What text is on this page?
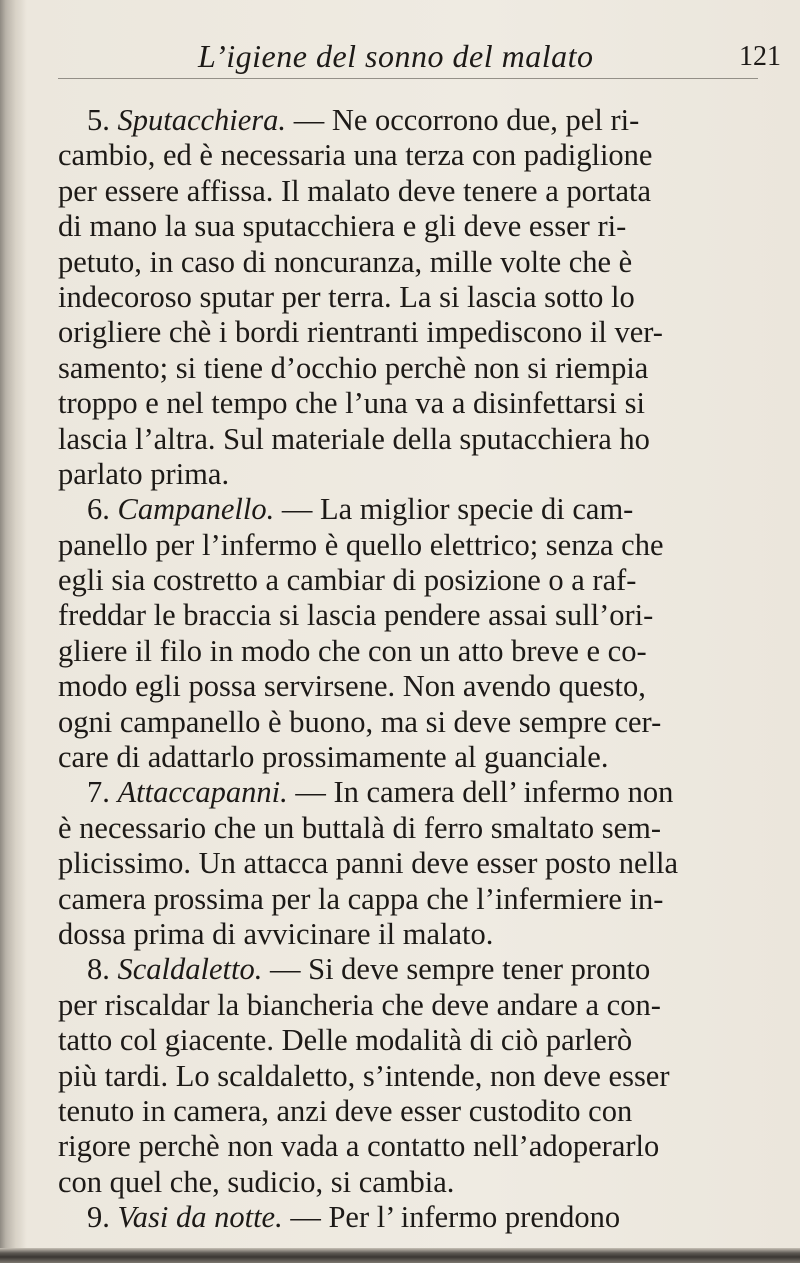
L’igiene del sonno del malato	121
5. Sputacchiera. — Ne occorrono due, pel ri-
cambio, ed è necessaria una terza con padiglione
per essere affissa. Il malato deve tenere a portata
di mano la sua sputacchiera e gli deve esser ri-
petuto, in caso di noncuranza, mille volte che è
indecoroso sputar per terra. La si lascia sotto lo
origliere chè i bordi rientranti impediscono il ver-
samento; si tiene d’occhio perchè non si riempia
troppo e nel tempo che l’una va a disinfettarsi si
lascia l’altra. Sul materiale della sputacchiera ho
parlato prima.
6. Campanello. — La miglior specie di cam-
panello per l’infermo è quello elettrico; senza che
egli sia costretto a cambiar di posizione o a raf-
freddar le braccia si lascia pendere assai sull’ori-
gliere il filo in modo che con un atto breve e co-
modo egli possa servirsene. Non avendo questo,
ogni campanello è buono, ma si deve sempre cer-
care di adattarlo prossimamente al guanciale.
7. Attaccapanni. — In camera dell’ infermo non
è necessario che un buttalà di ferro smaltato sem-
plicissimo. Un attacca panni deve esser posto nella
camera prossima per la cappa che l’infermiere in-
dossa prima di avvicinare il malato.
8. Scaldaletto. — Si deve sempre tener pronto
per riscaldar la biancheria che deve andare a con-
tatto col giacente. Delle modalità di ciò parlerò
più tardi. Lo scaldaletto, s’intende, non deve esser
tenuto in camera, anzi deve esser custodito con
rigore perchè non vada a contatto nell’adoperarlo
con quel che, sudicio, si cambia.
9. Vasi da notte. — Per l’ infermo prendono
